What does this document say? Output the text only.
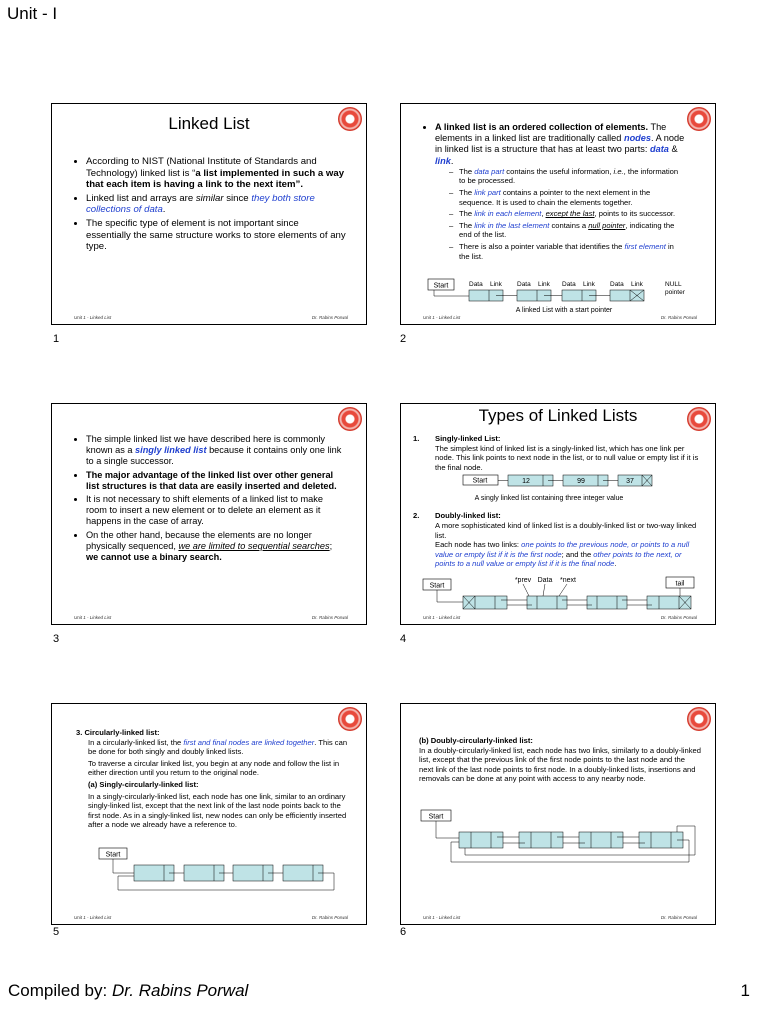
Unit - I
Linked List
• According to NIST (National Institute of Standards and Technology) linked list is “a list implemented in such a way that each item is having a link to the next item”.
• Linked list and arrays are similar since they both store collections of data.
• The specific type of element is not important since essentially the same structure works to store elements of any type.
Unit 1 - Linked List	Dr. Rabins Porwal
1
• A linked list is an ordered collection of elements. The elements in a linked list are traditionally called nodes. A node in linked list is a structure that has at least two parts: data & link.
– The data part contains the useful information, i.e., the information to be processed.
– The link part contains a pointer to the next element in the sequence. It is used to chain the elements together.
– The link in each element, except the last, points to its successor.
– The link in the last element contains a null pointer, indicating the end of the list.
– There is also a pointer variable that identifies the first element in the list.
Start	Data Link Data Link Data Link Data Link	NULL
pointer
A linked List with a start pointer
Unit 1 - Linked List	Dr. Rabins Porwal
2
• The simple linked list we have described here is commonly known as a singly linked list because it contains only one link to a single successor.
• The major advantage of the linked list over other general list structures is that data are easily inserted and deleted.
• It is not necessary to shift elements of a linked list to make room to insert a new element or to delete an element as it happens in the case of array.
• On the other hand, because the elements are no longer physically sequenced, we are limited to sequential searches; we cannot use a binary search.
Unit 1 - Linked List	Dr. Rabins Porwal
3
Types of Linked Lists
1. Singly-linked List:
The simplest kind of linked list is a singly-linked list, which has one link per node. This link points to next node in the list, or to null value or empty list if it is the final node.
2. Doubly-linked list:
A more sophisticated kind of linked list is a doubly-linked list or two-way linked list.
Each node has two links: one points to the previous node, or points to a null value or empty list if it is the first node; and the other points to the next, or points to a null value or empty list if it is the final node.
Start	12	99	37
A singly linked list containing three integer value
Start	tail
*prev Data *next
Unit 1 - Linked List	Dr. Rabins Porwal
4
3. Circularly-linked list:
In a circularly-linked list, the first and final nodes are linked together. This can be done for both singly and doubly linked lists.
To traverse a circular linked list, you begin at any node and follow the list in either direction until you return to the original node.
(a) Singly-circularly-linked list:
In a singly-circularly-linked list, each node has one link, similar to an ordinary singly-linked list, except that the next link of the last node points back to the first node. As in a singly-linked list, new nodes can only be efficiently inserted after a node we already have a reference to.
Start
Unit 1 - Linked List	Dr. Rabins Porwal
5
(b) Doubly-circularly-linked list:
In a doubly-circularly-linked list, each node has two links, similarly to a doubly-linked list, except that the previous link of the first node points to the last node and the next link of the last node points to first node. In a doubly-linked lists, insertions and removals can be done at any point with access to any nearby node.
Start
Unit 1 - Linked List	Dr. Rabins Porwal
6
Compiled by: Dr. Rabins Porwal	1
